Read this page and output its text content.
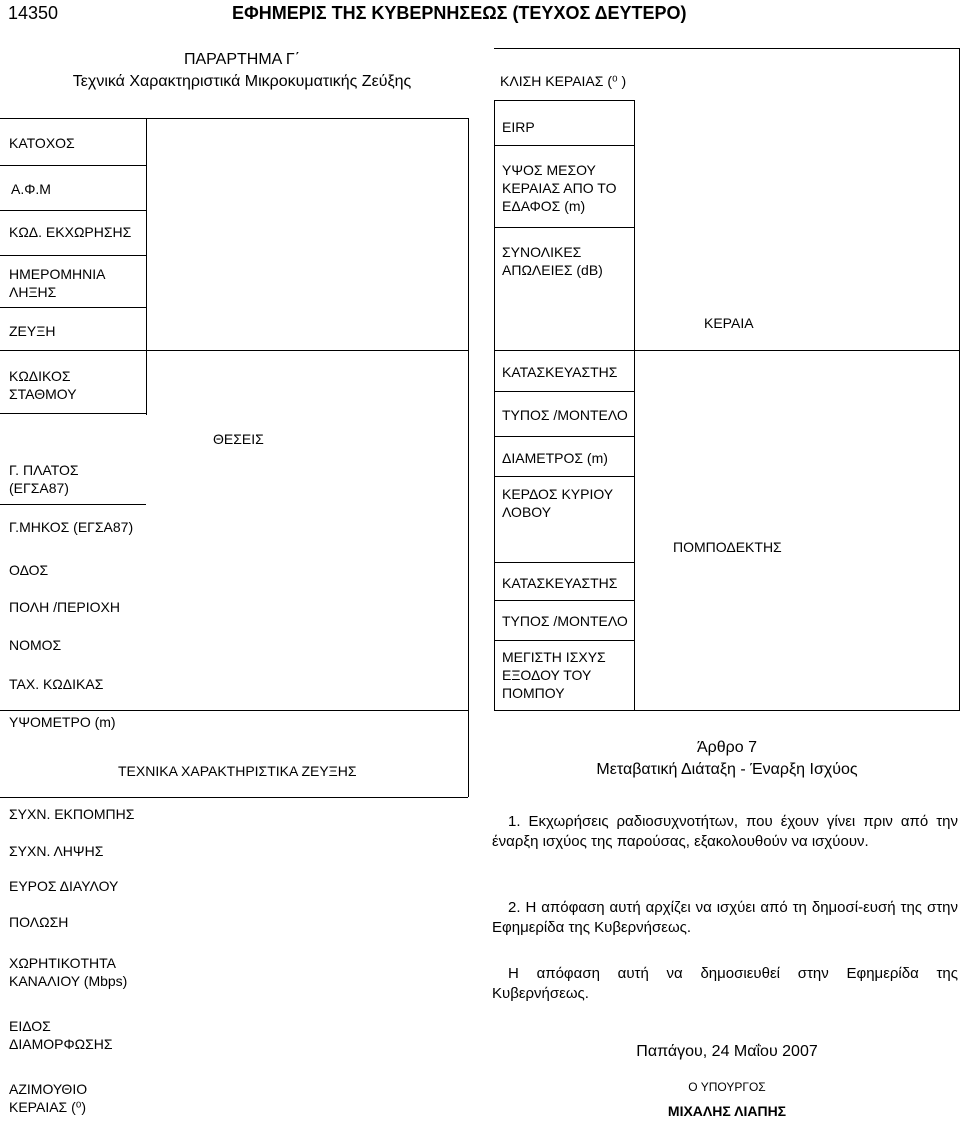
14350	ΕΦΗΜΕΡΙΣ ΤΗΣ ΚΥΒΕΡΝΗΣΕΩΣ (ΤΕΥΧΟΣ ΔΕΥΤΕΡΟ)
ΠΑΡΑΡΤΗΜΑ Γ΄
Τεχνικά Χαρακτηριστικά Μικροκυματικής Ζεύξης
ΚΑΤΟΧΟΣ
Α.Φ.Μ
ΚΩΔ. ΕΚΧΩΡΗΣΗΣ
ΗΜΕΡΟΜΗΝΙΑ
ΛΗΞΗΣ
ΖΕΥΞΗ
ΚΩΔΙΚΟΣ
ΣΤΑΘΜΟΥ
Γ. ΠΛΑΤΟΣ
(ΕΓΣΑ87)
Γ.ΜΗΚΟΣ (ΕΓΣΑ87)
ΟΔΟΣ
ΠΟΛΗ /ΠΕΡΙΟΧΗ
ΝΟΜΟΣ
ΤΑΧ. ΚΩΔΙΚΑΣ
ΥΨΟΜΕΤΡΟ (m)
ΘΕΣΕΙΣ
ΤΕΧΝΙΚΑ ΧΑΡΑΚΤΗΡΙΣΤΙΚΑ ΖΕΥΞΗΣ
ΣΥΧΝ. ΕΚΠΟΜΠΗΣ
ΣΥΧΝ. ΛΗΨΗΣ
ΕΥΡΟΣ ΔΙΑΥΛΟΥ
ΠΟΛΩΣΗ
ΧΩΡΗΤΙΚΟΤΗΤΑ
ΚΑΝΑΛΙΟΥ (Mbps)
ΕΙΔΟΣ
ΔΙΑΜΟΡΦΩΣΗΣ
ΑΖΙΜΟΥΘΙΟ
ΚΕΡΑΙΑΣ (⁰)
ΚΛΙΣΗ ΚΕΡΑΙΑΣ (⁰ )
EIRP
ΥΨΟΣ ΜΕΣΟΥ
ΚΕΡΑΙΑΣ ΑΠΟ ΤΟ
ΕΔΑΦΟΣ (m)
ΣΥΝΟΛΙΚΕΣ
ΑΠΩΛΕΙΕΣ (dB)
ΚΕΡΑΙΑ
ΚΑΤΑΣΚΕΥΑΣΤΗΣ
ΤΥΠΟΣ /ΜΟΝΤΕΛΟ
ΔΙΑΜΕΤΡΟΣ (m)
ΚΕΡΔΟΣ ΚΥΡΙΟΥ
ΛΟΒΟΥ
ΠΟΜΠΟΔΕΚΤΗΣ
ΚΑΤΑΣΚΕΥΑΣΤΗΣ
ΤΥΠΟΣ /ΜΟΝΤΕΛΟ
ΜΕΓΙΣΤΗ ΙΣΧΥΣ
ΕΞΟΔΟΥ ΤΟΥ
ΠΟΜΠΟΥ
Άρθρο 7
Μεταβατική Διάταξη - Έναρξη Ισχύος
1. Εκχωρήσεις ραδιοσυχνοτήτων, που έχουν γίνει πριν από την έναρξη ισχύος της παρούσας, εξακολουθούν να ισχύουν.
2. Η απόφαση αυτή αρχίζει να ισχύει από τη δημοσί-ευσή της στην Εφημερίδα της Κυβερνήσεως.
Η απόφαση αυτή να δημοσιευθεί στην Εφημερίδα της Κυβερνήσεως.
Παπάγου, 24 Μαΐου 2007
Ο ΥΠΟΥΡΓΟΣ
ΜΙΧΑΛΗΣ ΛΙΑΠΗΣ
